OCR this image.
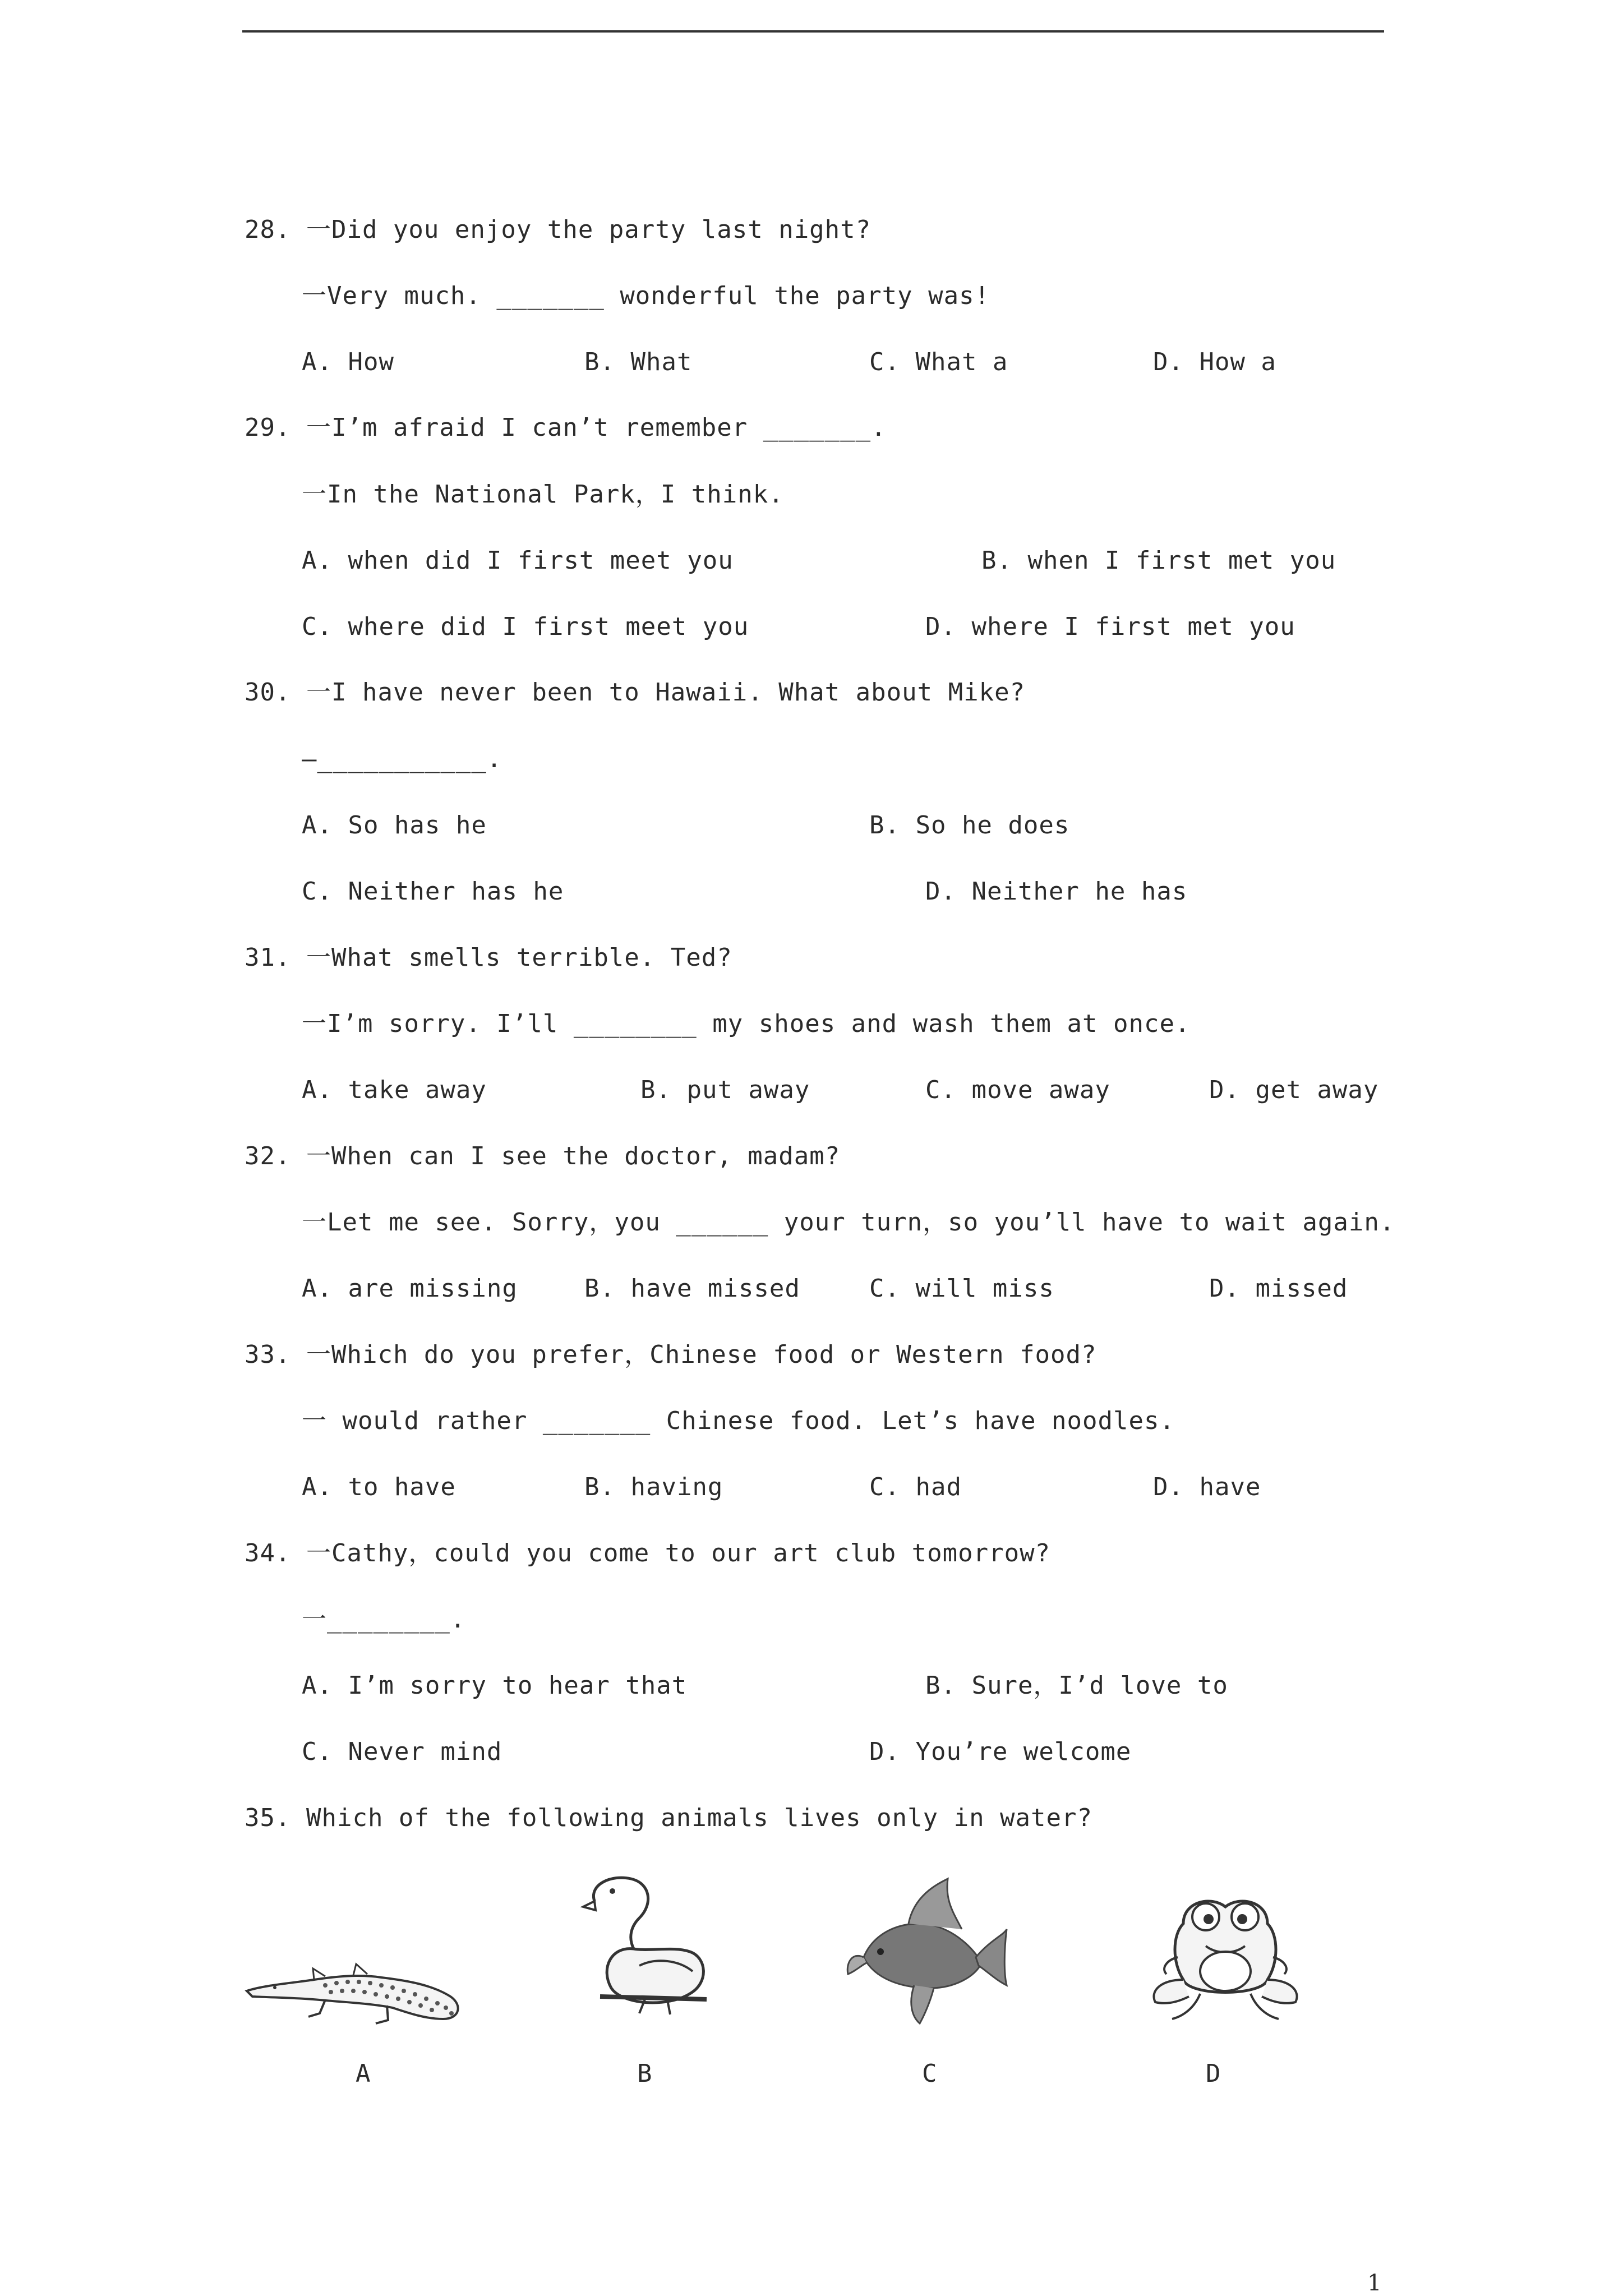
28. 一Did you enjoy the party last night?
一Very much. _______ wonderful the party was!
A. How	B. What	C. What a	D. How a
29. 一I’m afraid I can’t remember _______.
一In the National Park，I think.
A. when did I first meet you	B. when I first met you
C. where did I first meet you	D. where I first met you
30. 一I have never been to Hawaii. What about Mike?
—___________.
A. So has he	B. So he does
C. Neither has he	D. Neither he has
31. 一What smells terrible. Ted?
一I’m sorry. I’ll ________ my shoes and wash them at once.
A. take away	B. put away	C. move away	D. get away
32. 一When can I see the doctor, madam?
一Let me see. Sorry，you ______ your turn，so you’ll have to wait again.
A. are missing	B. have missed	C. will miss	D. missed
33. 一Which do you prefer，Chinese food or Western food?
一 would rather _______ Chinese food. Let’s have noodles.
A. to have	B. having	C. had	D. have
34. 一Cathy，could you come to our art club tomorrow?
一________.
A. I’m sorry to hear that	B. Sure，I’d love to
C. Never mind	D. You’re welcome
35. Which of the following animals lives only in water?
A	B	C	D
1
